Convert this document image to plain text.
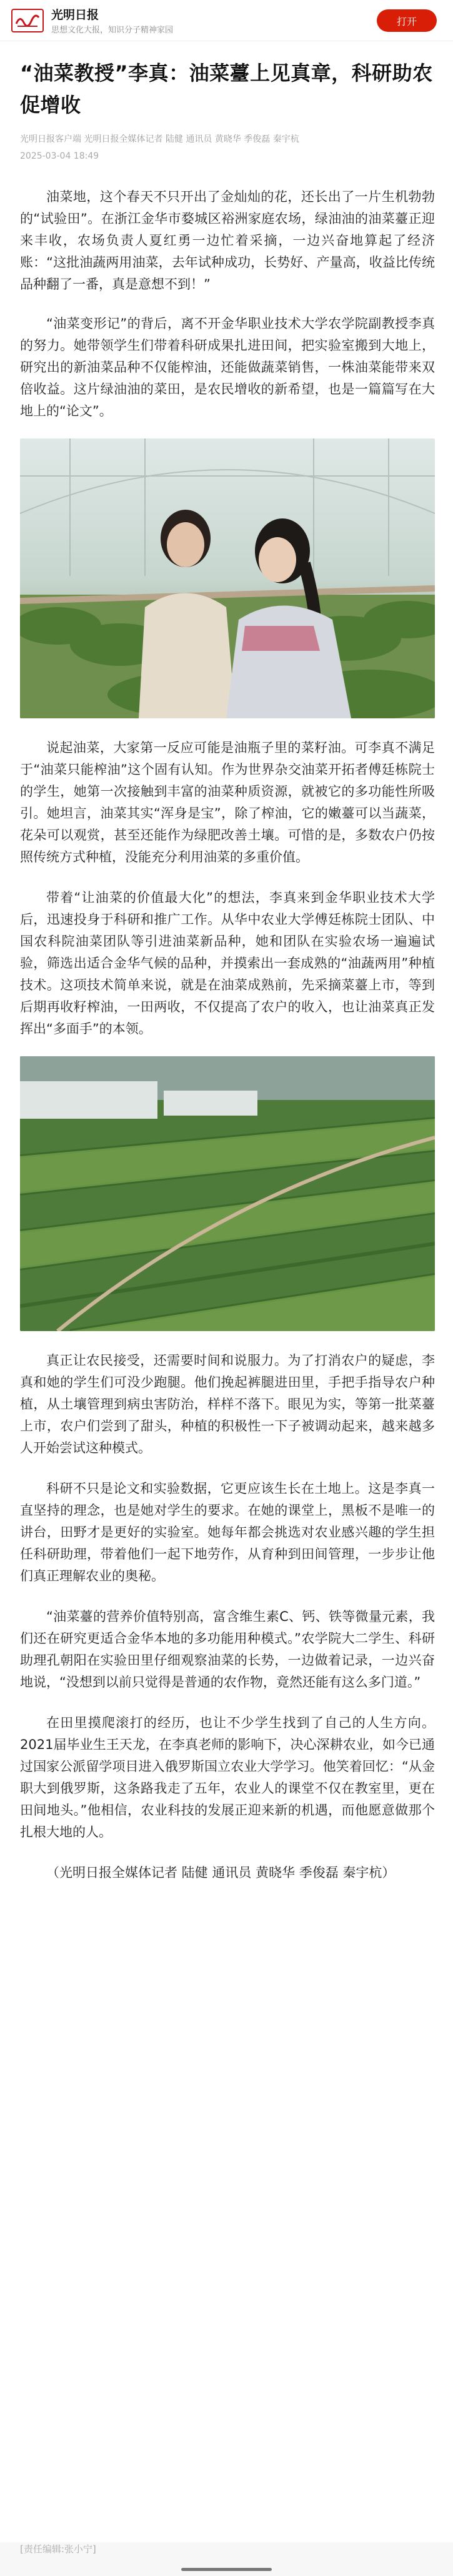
光明日报
思想文化大报，知识分子精神家园
打开
“油菜教授”李真：油菜薹上见真章，科研助农促增收
光明日报客户端 光明日报全媒体记者 陆健 通讯员 黄晓华 季俊磊 秦宇杭
2025-03-04 18:49

油菜地，这个春天不只开出了金灿灿的花，还长出了一片生机勃勃的“试验田”。在浙江金华市婺城区裕洲家庭农场，绿油油的油菜薹正迎来丰收，农场负责人夏红勇一边忙着采摘，一边兴奋地算起了经济账：“这批油蔬两用油菜，去年试种成功，长势好、产量高，收益比传统品种翻了一番，真是意想不到！”

“油菜变形记”的背后，离不开金华职业技术大学农学院副教授李真的努力。她带领学生们带着科研成果扎进田间，把实验室搬到大地上，研究出的新油菜品种不仅能榨油，还能做蔬菜销售，一株油菜能带来双倍收益。这片绿油油的菜田，是农民增收的新希望，也是一篇篇写在大地上的“论文”。

说起油菜，大家第一反应可能是油瓶子里的菜籽油。可李真不满足于“油菜只能榨油”这个固有认知。作为世界杂交油菜开拓者傅廷栋院士的学生，她第一次接触到丰富的油菜种质资源，就被它的多功能性所吸引。她坦言，油菜其实“浑身是宝”，除了榨油，它的嫩薹可以当蔬菜，花朵可以观赏，甚至还能作为绿肥改善土壤。可惜的是，多数农户仍按照传统方式种植，没能充分利用油菜的多重价值。

带着“让油菜的价值最大化”的想法，李真来到金华职业技术大学后，迅速投身于科研和推广工作。从华中农业大学傅廷栋院士团队、中国农科院油菜团队等引进油菜新品种，她和团队在实验农场一遍遍试验，筛选出适合金华气候的品种，并摸索出一套成熟的“油蔬两用”种植技术。这项技术简单来说，就是在油菜成熟前，先采摘菜薹上市，等到后期再收籽榨油，一田两收，不仅提高了农户的收入，也让油菜真正发挥出“多面手”的本领。

真正让农民接受，还需要时间和说服力。为了打消农户的疑虑，李真和她的学生们可没少跑腿。他们挽起裤腿进田里，手把手指导农户种植，从土壤管理到病虫害防治，样样不落下。眼见为实，等第一批菜薹上市，农户们尝到了甜头，种植的积极性一下子被调动起来，越来越多人开始尝试这种模式。

科研不只是论文和实验数据，它更应该生长在土地上。这是李真一直坚持的理念，也是她对学生的要求。在她的课堂上，黑板不是唯一的讲台，田野才是更好的实验室。她每年都会挑选对农业感兴趣的学生担任科研助理，带着他们一起下地劳作，从育种到田间管理，一步步让他们真正理解农业的奥秘。

“油菜薹的营养价值特别高，富含维生素C、钙、铁等微量元素，我们还在研究更适合金华本地的多功能用种模式。”农学院大二学生、科研助理孔朝阳在实验田里仔细观察油菜的长势，一边做着记录，一边兴奋地说，“没想到以前只觉得是普通的农作物，竟然还能有这么多门道。”

在田里摸爬滚打的经历，也让不少学生找到了自己的人生方向。2021届毕业生王天龙，在李真老师的影响下，决心深耕农业，如今已通过国家公派留学项目进入俄罗斯国立农业大学学习。他笑着回忆：“从金职大到俄罗斯，这条路我走了五年，农业人的课堂不仅在教室里，更在田间地头。”他相信，农业科技的发展正迎来新的机遇，而他愿意做那个扎根大地的人。

（光明日报全媒体记者 陆健 通讯员 黄晓华 季俊磊 秦宇杭）

[责任编辑:张小宁]
